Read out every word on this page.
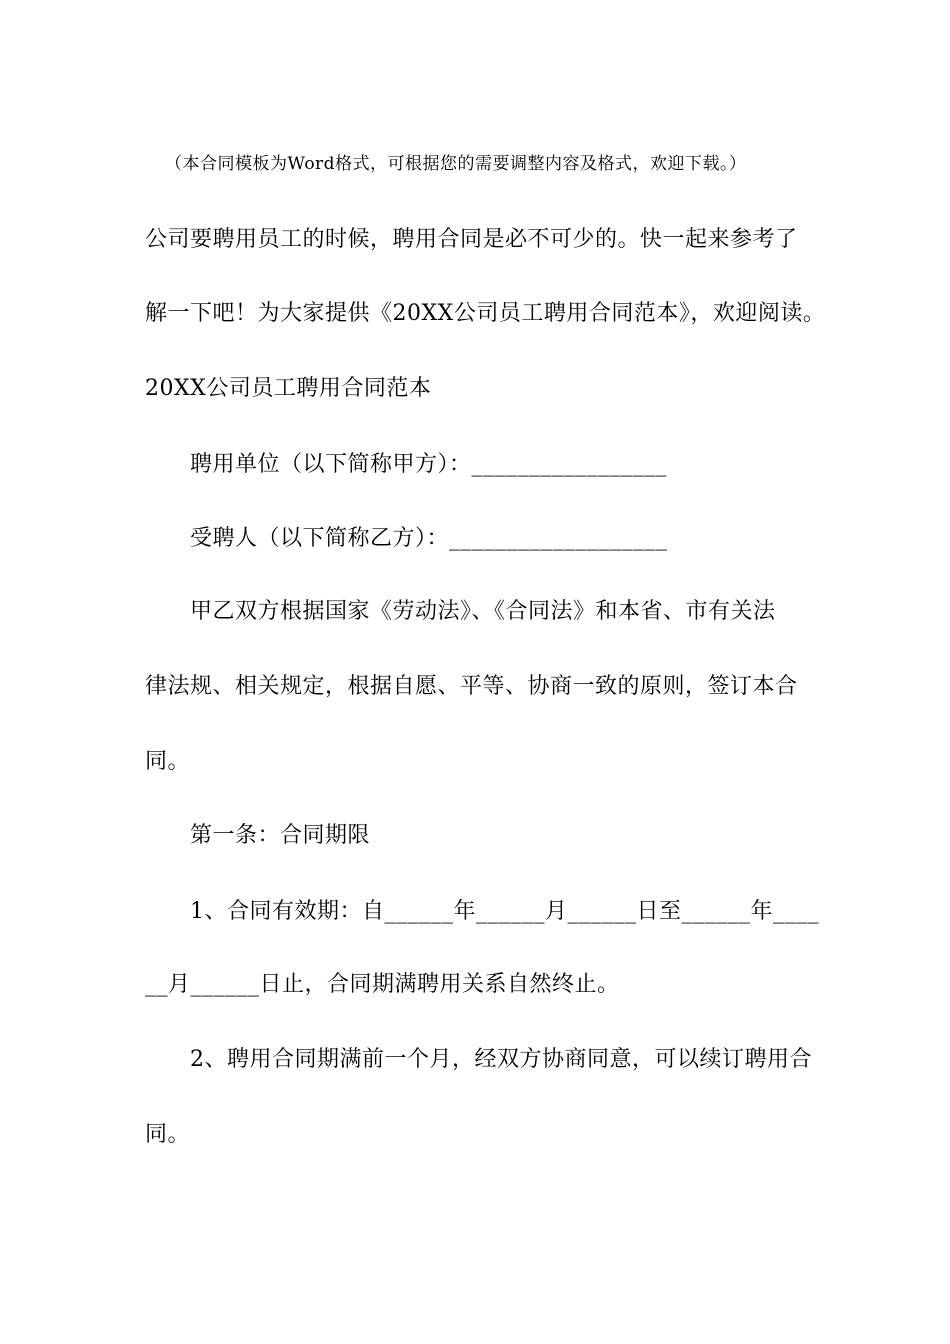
（本合同模板为Word格式，可根据您的需要调整内容及格式，欢迎下载。）
公司要聘用员工的时候，聘用合同是必不可少的。快一起来参考了
解一下吧！为大家提供《20XX公司员工聘用合同范本》，欢迎阅读。
20XX公司员工聘用合同范本
聘用单位（以下简称甲方）：_________________
受聘人（以下简称乙方）：___________________
甲乙双方根据国家《劳动法》、《合同法》和本省、市有关法
律法规、相关规定，根据自愿、平等、协商一致的原则，签订本合
同。
第一条：合同期限
1、合同有效期：自______年______月______日至______年____
__月______日止，合同期满聘用关系自然终止。
2、聘用合同期满前一个月，经双方协商同意，可以续订聘用合
同。
